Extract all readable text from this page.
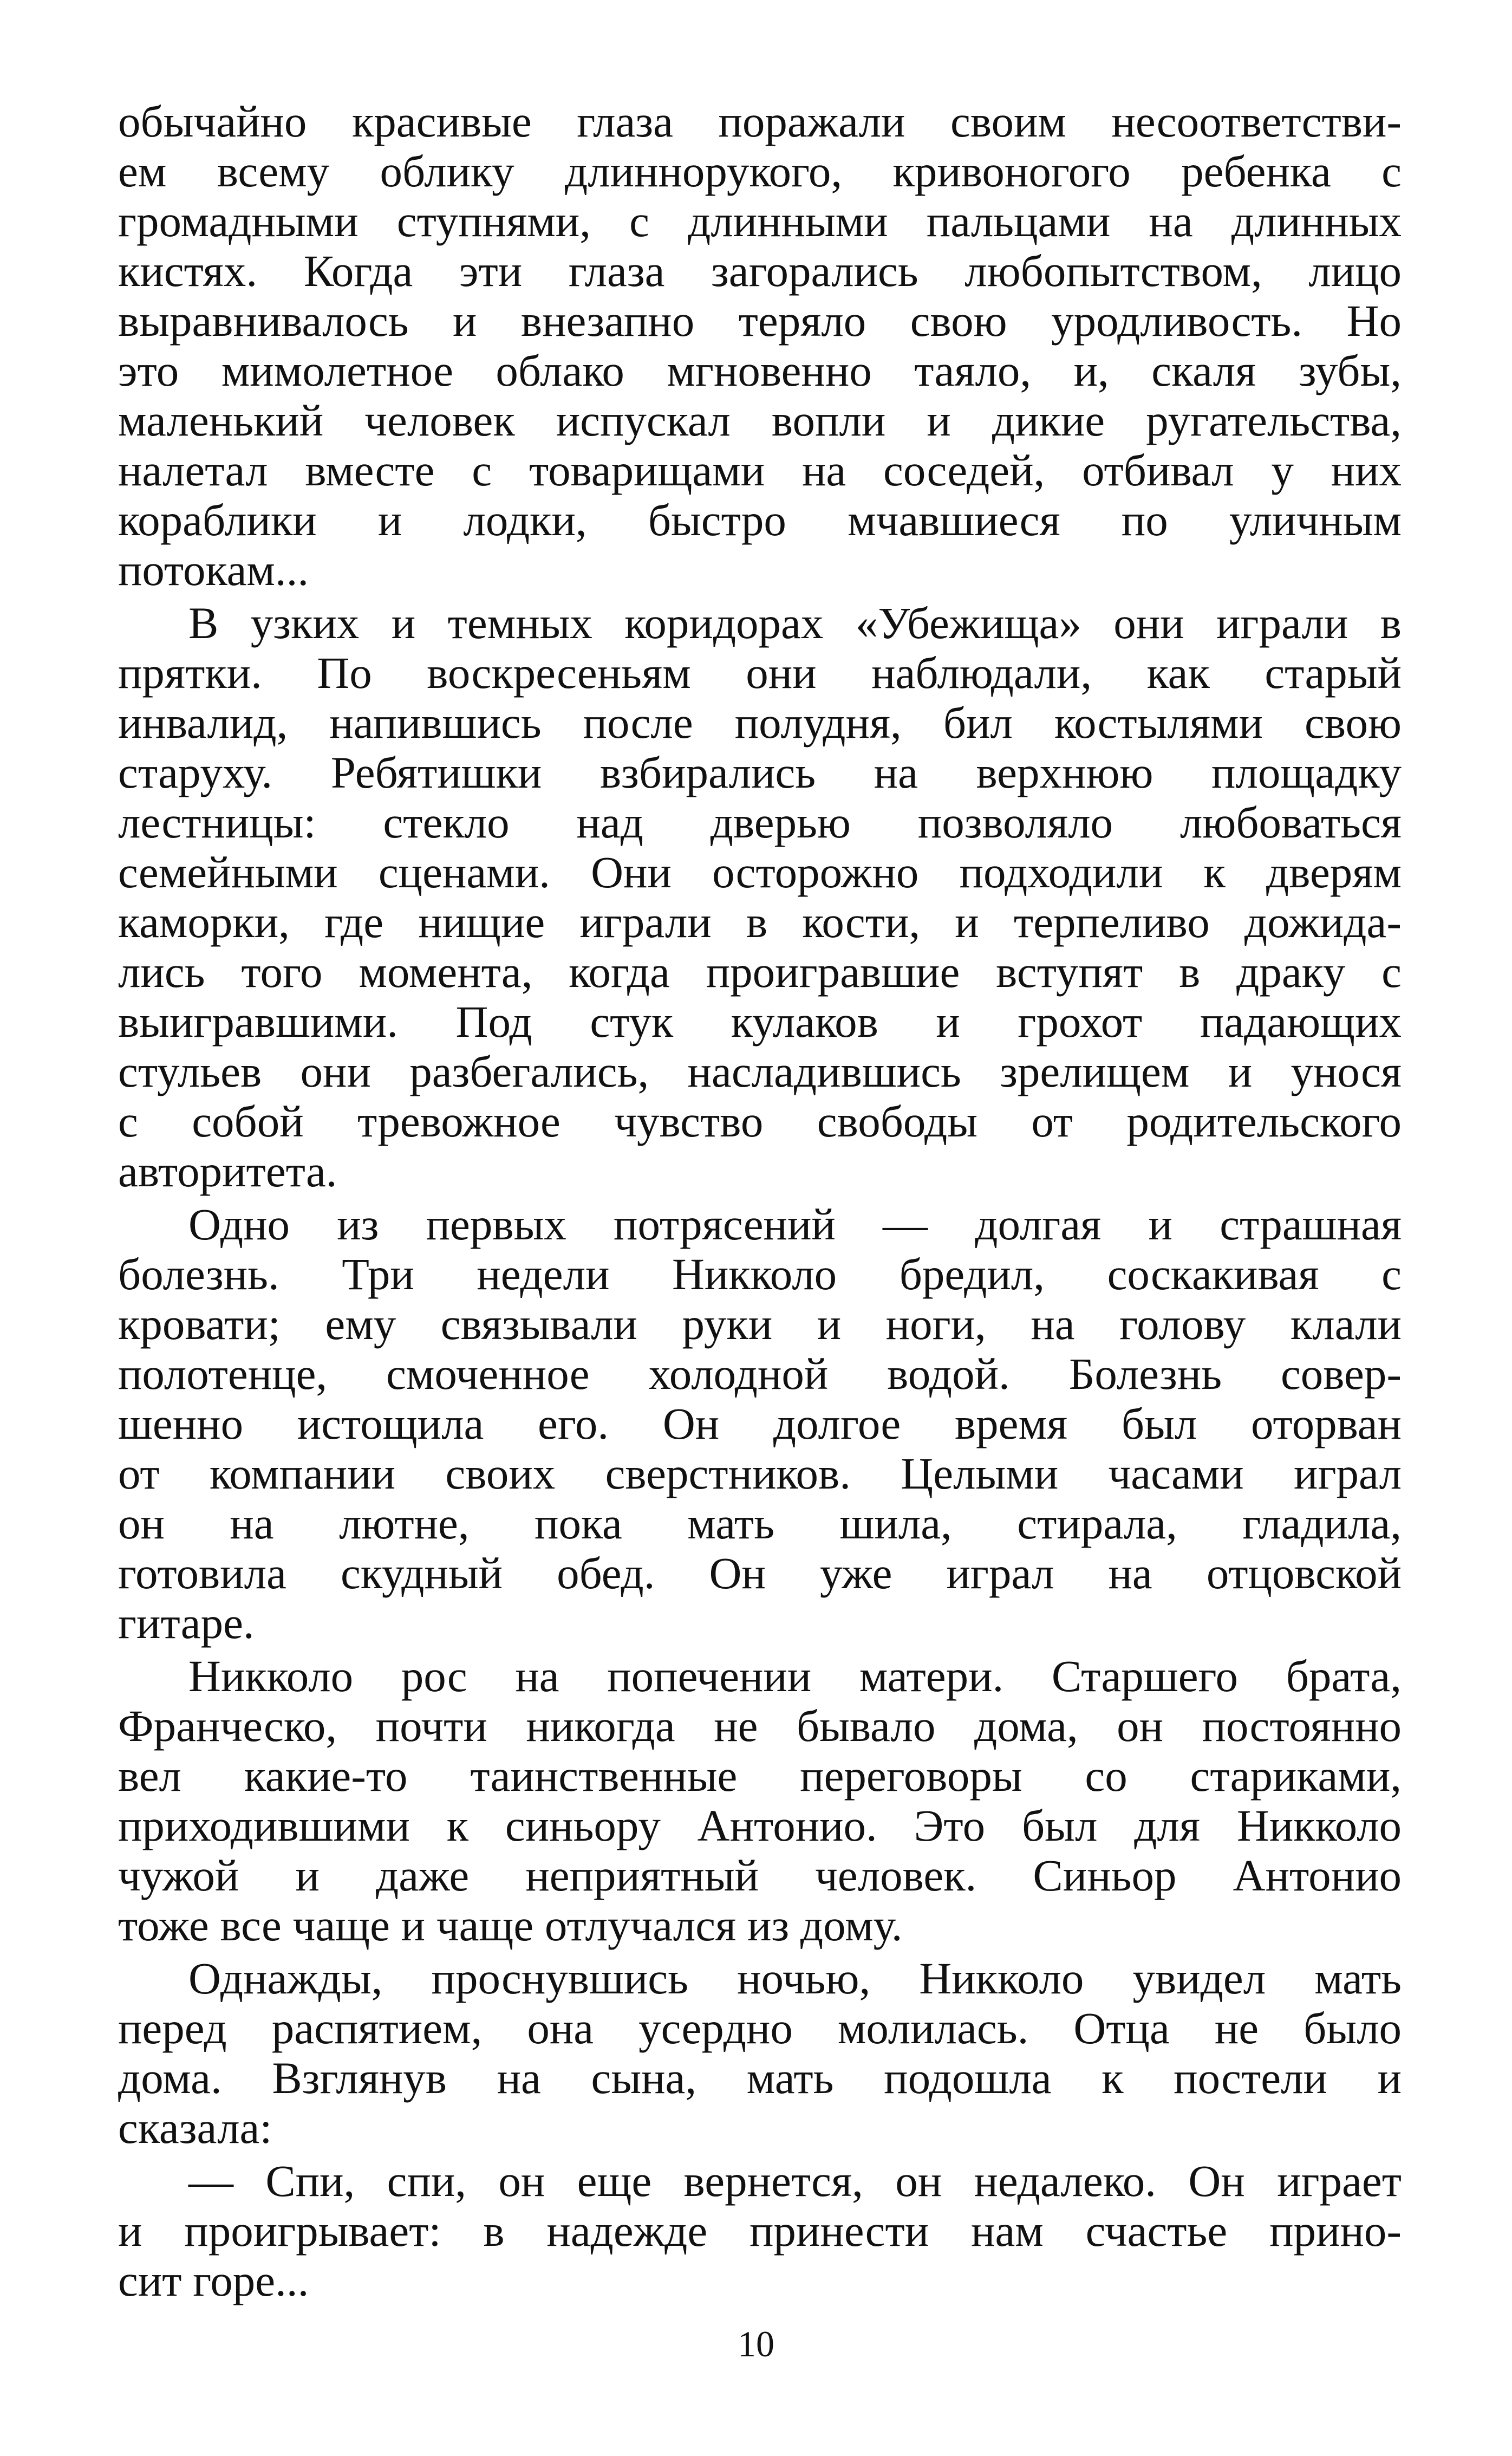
обычайно красивые глаза поражали своим несоответстви-
ем всему облику длиннорукого, кривоногого ребенка с
громадными ступнями, с длинными пальцами на длинных
кистях. Когда эти глаза загорались любопытством, лицо
выравнивалось и внезапно теряло свою уродливость. Но
это мимолетное облако мгновенно таяло, и, скаля зубы,
маленький человек испускал вопли и дикие ругательства,
налетал вместе с товарищами на соседей, отбивал у них
кораблики и лодки, быстро мчавшиеся по уличным
потокам...
В узких и темных коридорах «Убежища» они играли в
прятки. По воскресеньям они наблюдали, как старый
инвалид, напившись после полудня, бил костылями свою
старуху. Ребятишки взбирались на верхнюю площадку
лестницы: стекло над дверью позволяло любоваться
семейными сценами. Они осторожно подходили к дверям
каморки, где нищие играли в кости, и терпеливо дожида-
лись того момента, когда проигравшие вступят в драку с
выигравшими. Под стук кулаков и грохот падающих
стульев они разбегались, насладившись зрелищем и унося
с собой тревожное чувство свободы от родительского
авторитета.
Одно из первых потрясений — долгая и страшная
болезнь. Три недели Никколо бредил, соскакивая с
кровати; ему связывали руки и ноги, на голову клали
полотенце, смоченное холодной водой. Болезнь совер-
шенно истощила его. Он долгое время был оторван
от компании своих сверстников. Целыми часами играл
он на лютне, пока мать шила, стирала, гладила,
готовила скудный обед. Он уже играл на отцовской
гитаре.
Никколо рос на попечении матери. Старшего брата,
Франческо, почти никогда не бывало дома, он постоянно
вел какие-то таинственные переговоры со стариками,
приходившими к синьору Антонио. Это был для Никколо
чужой и даже неприятный человек. Синьор Антонио
тоже все чаще и чаще отлучался из дому.
Однажды, проснувшись ночью, Никколо увидел мать
перед распятием, она усердно молилась. Отца не было
дома. Взглянув на сына, мать подошла к постели и
сказала:
— Спи, спи, он еще вернется, он недалеко. Он играет
и проигрывает: в надежде принести нам счастье прино-
сит горе...
10
